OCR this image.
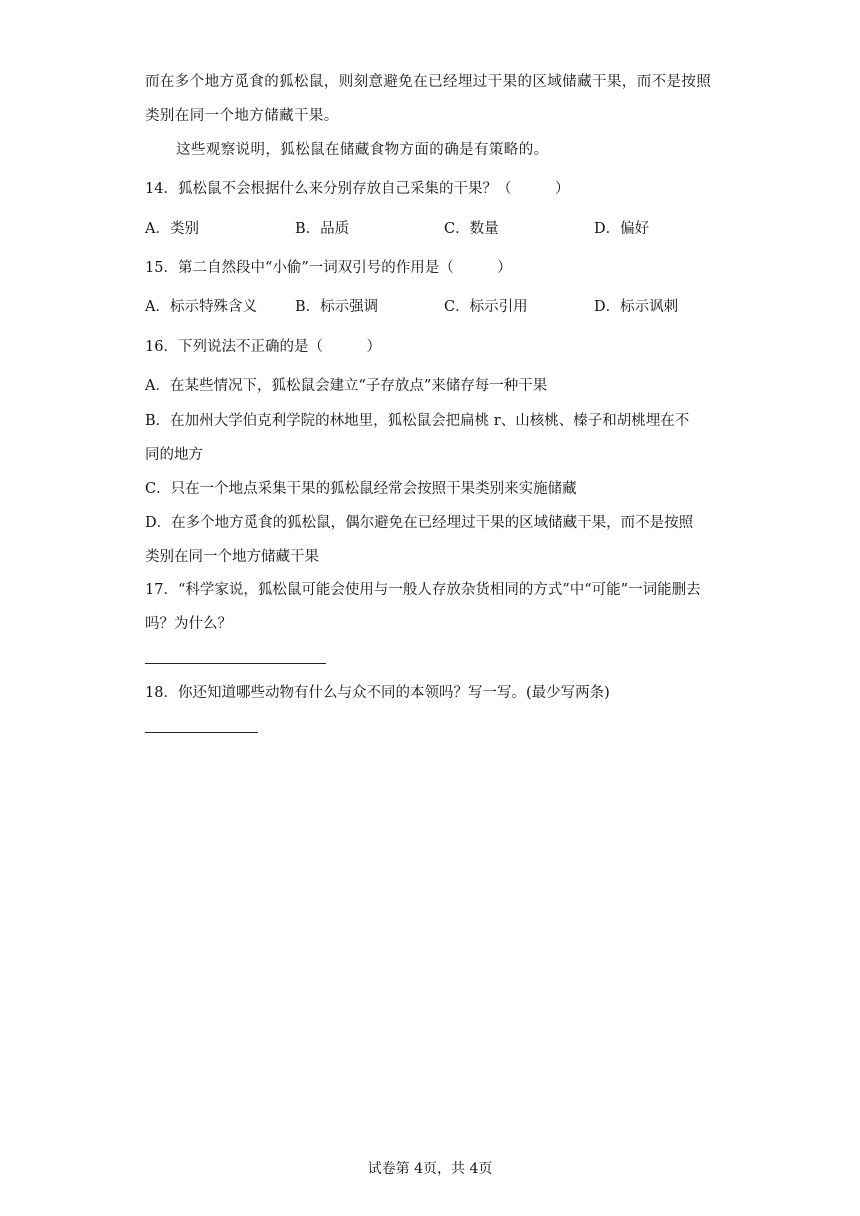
而在多个地方觅食的狐松鼠，则刻意避免在已经埋过干果的区域储藏干果，而不是按照
类别在同一个地方储藏干果。
这些观察说明，狐松鼠在储藏食物方面的确是有策略的。
14．狐松鼠不会根据什么来分别存放自己采集的干果？（　　　）
A．类别	B．品质	C．数量	D．偏好
15．第二自然段中“小偷”一词双引号的作用是（　　　）
A．标示特殊含义	B．标示强调	C．标示引用	D．标示讽刺
16．下列说法不正确的是（　　　）
A．在某些情况下，狐松鼠会建立“子存放点”来储存每一种干果
B．在加州大学伯克利学院的林地里，狐松鼠会把扁桃 r、山核桃、榛子和胡桃埋在不
同的地方
C．只在一个地点采集干果的狐松鼠经常会按照干果类别来实施储藏
D．在多个地方觅食的狐松鼠，偶尔避免在已经埋过干果的区域储藏干果，而不是按照
类别在同一个地方储藏干果
17．“科学家说，狐松鼠可能会使用与一般人存放杂货相同的方式”中“可能”一词能删去
吗？为什么？
18．你还知道哪些动物有什么与众不同的本领吗？写一写。(最少写两条)
试卷第 4页，共 4页
